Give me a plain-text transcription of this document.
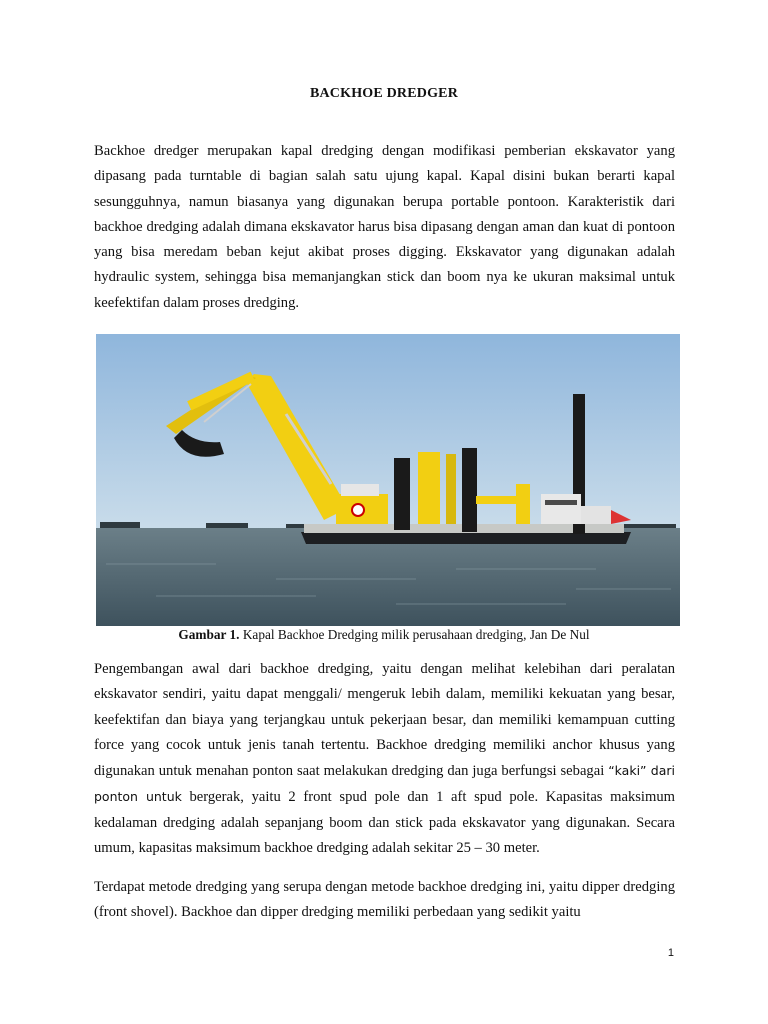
BACKHOE DREDGER

Backhoe dredger merupakan kapal dredging dengan modifikasi pemberian ekskavator yang dipasang pada turntable di bagian salah satu ujung kapal. Kapal disini bukan berarti kapal sesungguhnya, namun biasanya yang digunakan berupa portable pontoon. Karakteristik dari backhoe dredging adalah dimana ekskavator harus bisa dipasang dengan aman dan kuat di pontoon yang bisa meredam beban kejut akibat proses digging. Ekskavator yang digunakan adalah hydraulic system, sehingga bisa memanjangkan stick dan boom nya ke ukuran maksimal untuk keefektifan dalam proses dredging.

Gambar 1. Kapal Backhoe Dredging milik perusahaan dredging, Jan De Nul

Pengembangan awal dari backhoe dredging, yaitu dengan melihat kelebihan dari peralatan ekskavator sendiri, yaitu dapat menggali/ mengeruk lebih dalam, memiliki kekuatan yang besar, keefektifan dan biaya yang terjangkau untuk pekerjaan besar, dan memiliki kemampuan cutting force yang cocok untuk jenis tanah tertentu. Backhoe dredging memiliki anchor khusus yang digunakan untuk menahan ponton saat melakukan dredging dan juga berfungsi sebagai “kaki” dari ponton untuk bergerak, yaitu 2 front spud pole dan 1 aft spud pole. Kapasitas maksimum kedalaman dredging adalah sepanjang boom dan stick pada ekskavator yang digunakan. Secara umum, kapasitas maksimum backhoe dredging adalah sekitar 25 – 30 meter.

Terdapat metode dredging yang serupa dengan metode backhoe dredging ini, yaitu dipper dredging (front shovel). Backhoe dan dipper dredging memiliki perbedaan yang sedikit yaitu

1
